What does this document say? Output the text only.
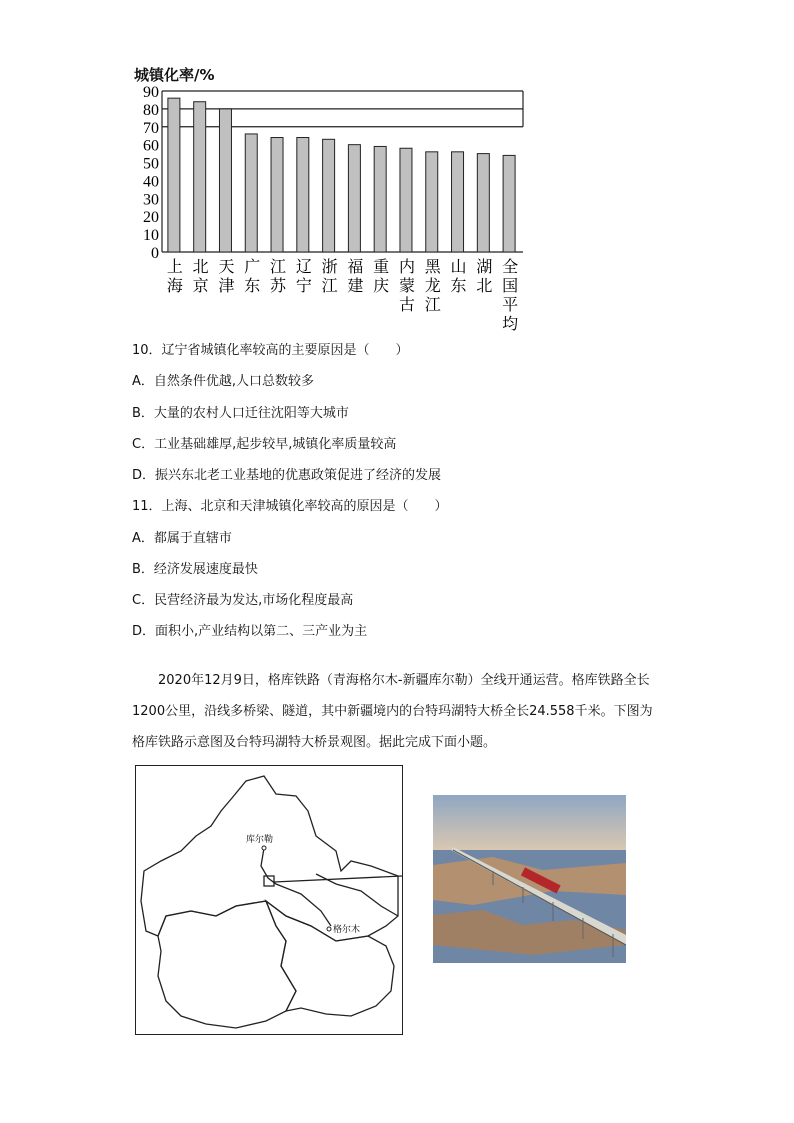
城镇化率/%
0
10
20
30
40
50
60
70
80
90
上海
北京
天津
广东
江苏
辽宁
浙江
福建
重庆
内蒙古
黑龙江
山东
湖北
全国平均
10．辽宁省城镇化率较高的主要原因是（　　）
A．自然条件优越,人口总数较多
B．大量的农村人口迁往沈阳等大城市
C．工业基础雄厚,起步较早,城镇化率质量较高
D．振兴东北老工业基地的优惠政策促进了经济的发展
11．上海、北京和天津城镇化率较高的原因是（　　）
A．都属于直辖市
B．经济发展速度最快
C．民营经济最为发达,市场化程度最高
D．面积小,产业结构以第二、三产业为主

2020年12月9日，格库铁路（青海格尔木-新疆库尔勒）全线开通运营。格库铁路全长1200公里，沿线多桥梁、隧道，其中新疆境内的台特玛湖特大桥全长24.558千米。下图为格库铁路示意图及台特玛湖特大桥景观图。据此完成下面小题。

库尔勒
格尔木
